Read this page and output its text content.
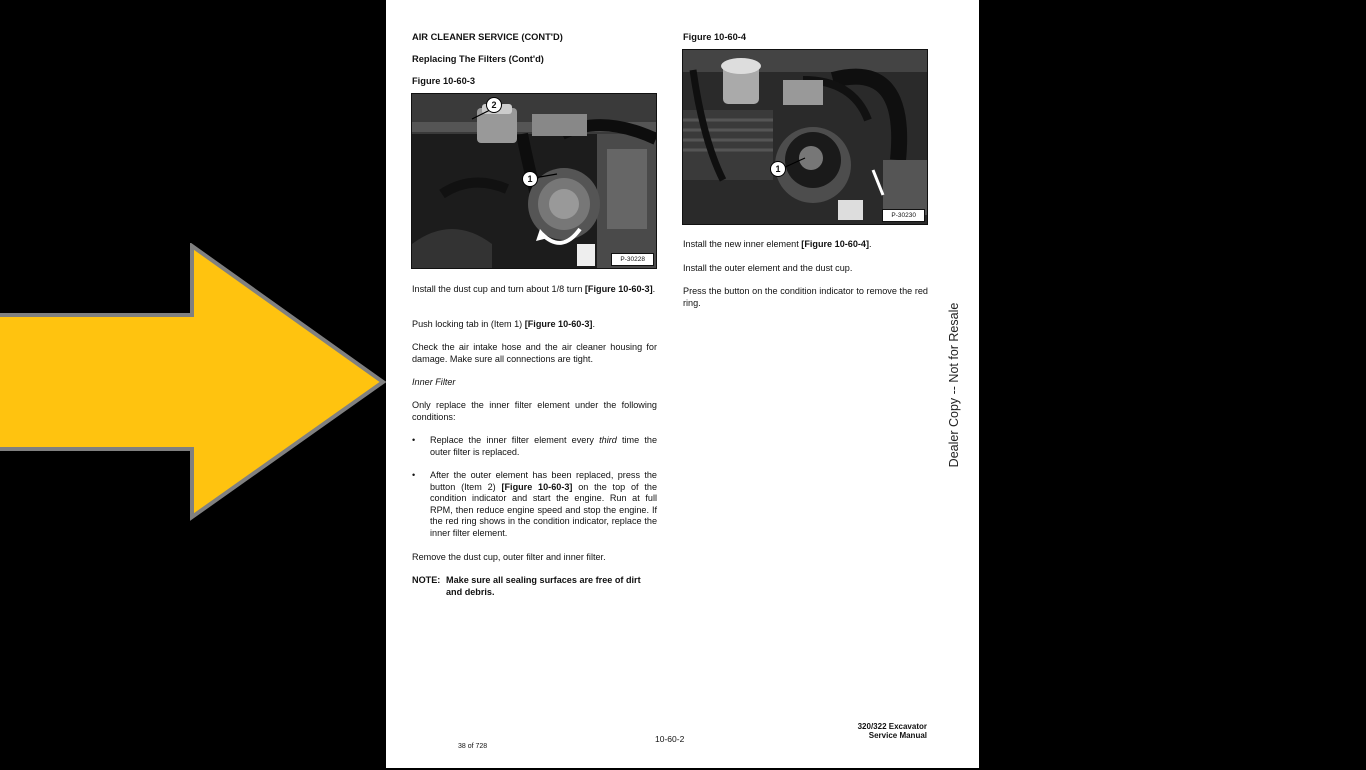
AIR CLEANER SERVICE (CONT'D)
Replacing The Filters (Cont'd)
Figure 10-60-3
2
1
P-30228

Install the dust cup and turn about 1/8 turn [Figure 10-60-3].

Push locking tab in (Item 1) [Figure 10-60-3].

Check the air intake hose and the air cleaner housing for damage. Make sure all connections are tight.

Inner Filter

Only replace the inner filter element under the following conditions:

• Replace the inner filter element every third time the outer filter is replaced.

• After the outer element has been replaced, press the button (Item 2) [Figure 10-60-3] on the top of the condition indicator and start the engine. Run at full RPM, then reduce engine speed and stop the engine. If the red ring shows in the condition indicator, replace the inner filter element.

Remove the dust cup, outer filter and inner filter.

NOTE: Make sure all sealing surfaces are free of dirt and debris.

Figure 10-60-4
1
P-30230

Install the new inner element [Figure 10-60-4].

Install the outer element and the dust cup.

Press the button on the condition indicator to remove the red ring.

38 of 728
10-60-2
320/322 Excavator
Service Manual
Dealer Copy -- Not for Resale
